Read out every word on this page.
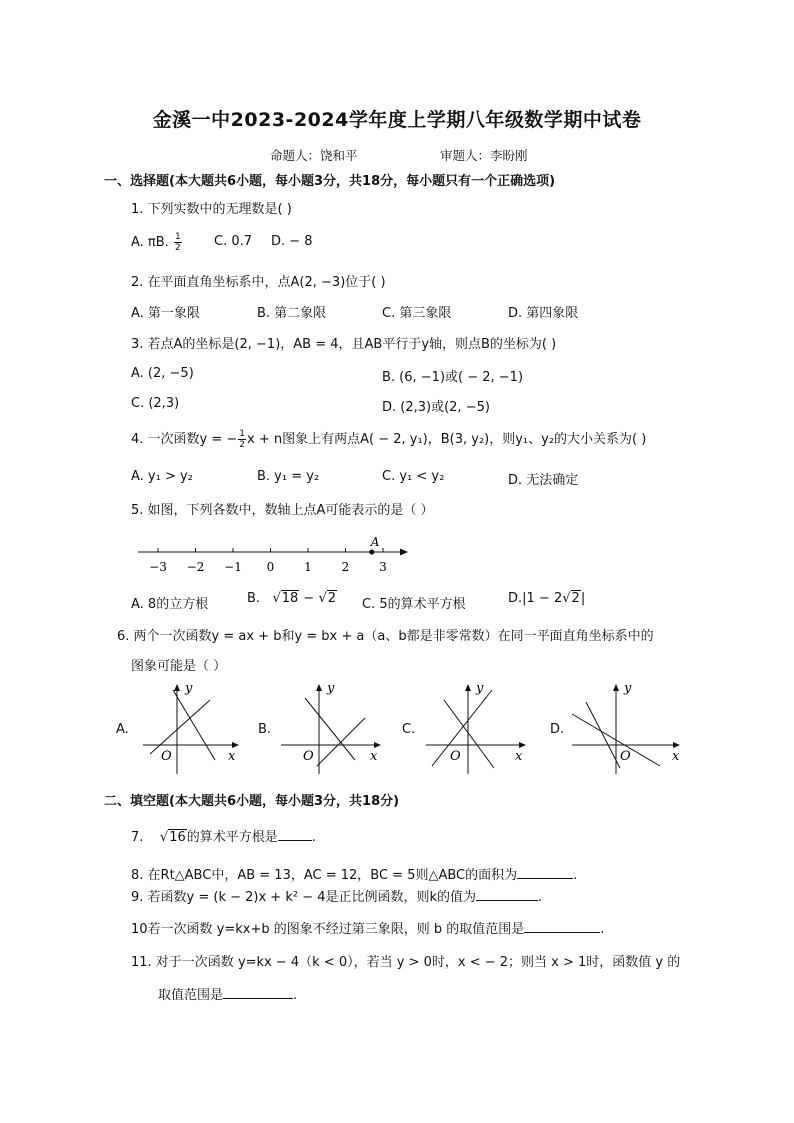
金溪一中2023-2024学年度上学期八年级数学期中试卷
命题人：饶和平	审题人：李盼刚
一、选择题(本大题共6小题，每小题3分，共18分，每小题只有一个正确选项)
1. 下列实数中的无理数是( )
A. πB. $\frac{1}{2} C$. 0.7 D. − 8
2. 在平面直角坐标系中，点A(2, −3)位于( )
A. 第一象限	B. 第二象限	C. 第三象限	D. 第四象限
3. 若点A的坐标是(2, −1)，AB = 4，且AB平行于y轴，则点B的坐标为( )
A. (2, −5)	B. (6, −1)或( − 2, −1)
C. (2,3)	D. (2,3)或(2, −5)
4. 一次函数y = − $\frac{1}{2}$ x + n图象上有两点A( − 2, y₁)，B(3, y₂)，则y₁、y₂的大小关系为( )
A. y₁ > y₂	B. y₁ = y₂	C. y₁ < y₂	D. 无法确定
5. 如图，下列各数中，数轴上点A可能表示的是（ ）
−3 −2 −1 0 1 2 3
A
A. 8的立方根	B.   √18 − √2 C. 5的算术平方根	D.|1 − 2√2|
6. 两个一次函数y = ax + b和y = bx + a（a、b都是非零常数）在同一平面直角坐标系中的
图象可能是（ ）
A.
y
x
O
B.
y
x
O
C.
y
x
O
D.
y
x
O
二、填空题(本大题共6小题，每小题3分，共18分)
7.    √16的算术平方根是	.
8. 在Rt△ABC中，AB = 13，AC = 12，BC = 5则△ABC的面积为	.
9. 若函数y = (k − 2)x + k² − 4是正比例函数，则k的值为	.
10若一次函数 y=kx+b 的图象不经过第三象限，则 b 的取值范围是	.
11. 对于一次函数 y=kx − 4（k < 0），若当 y > 0时，x < − 2；则当 x > 1时，函数值 y 的
取值范围是	.
